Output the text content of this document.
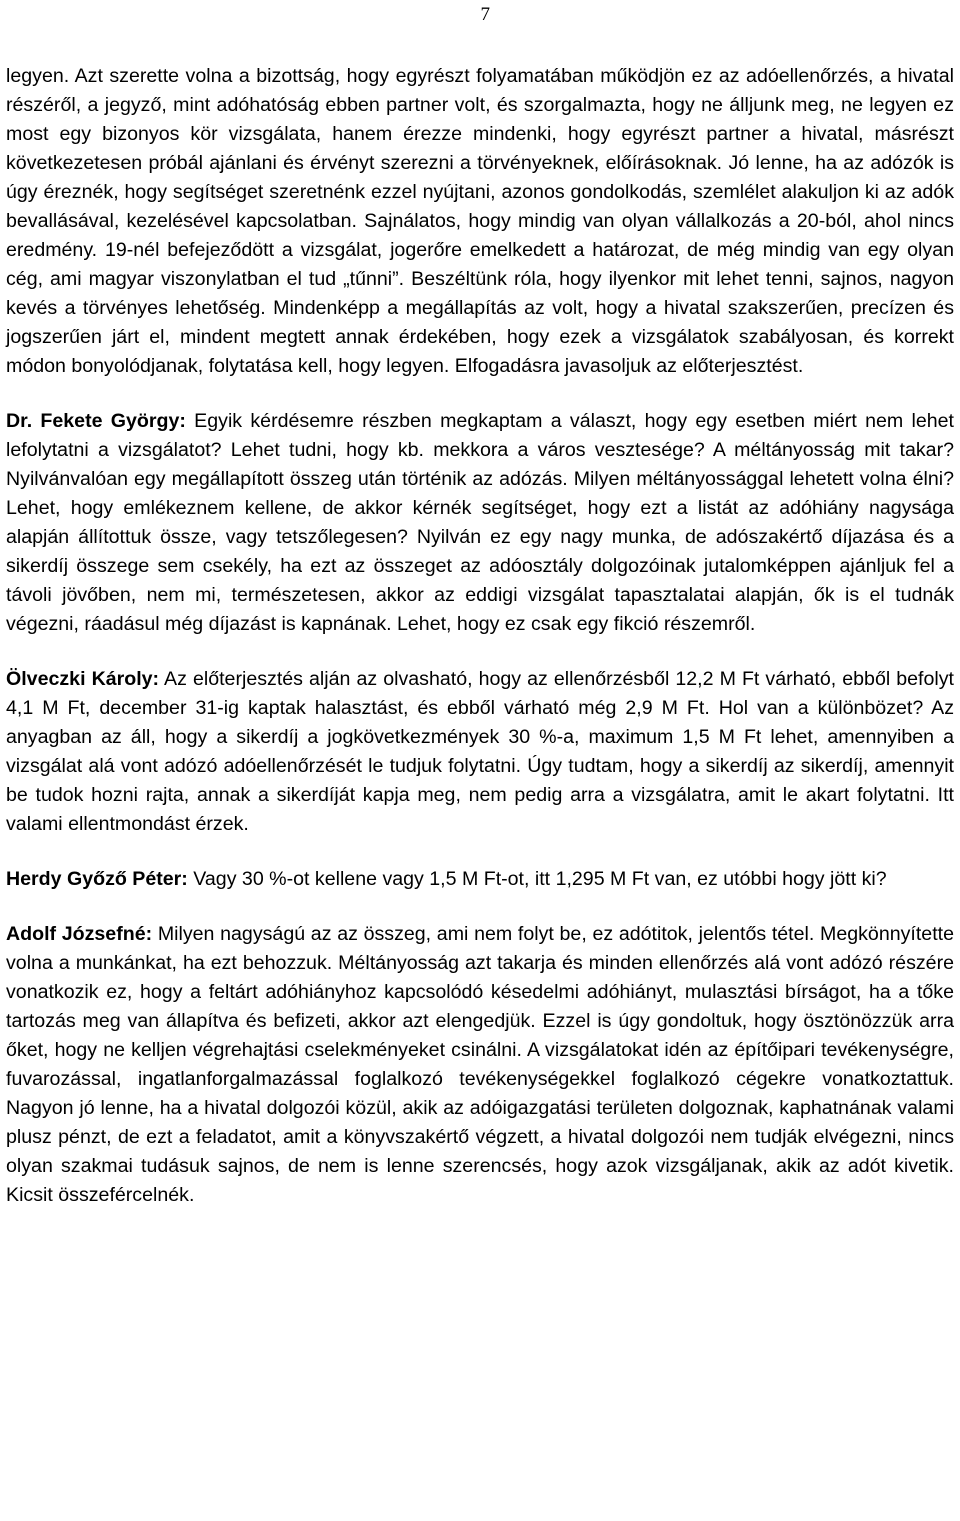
7

legyen. Azt szerette volna a bizottság, hogy egyrészt folyamatában működjön ez az adóellenőrzés, a hivatal részéről, a jegyző, mint adóhatóság ebben partner volt, és szorgalmazta, hogy ne álljunk meg, ne legyen ez most egy bizonyos kör vizsgálata, hanem érezze mindenki, hogy egyrészt partner a hivatal, másrészt következetesen próbál ajánlani és érvényt szerezni a törvényeknek, előírásoknak. Jó lenne, ha az adózók is úgy éreznék, hogy segítséget szeretnénk ezzel nyújtani, azonos gondolkodás, szemlélet alakuljon ki az adók bevallásával, kezelésével kapcsolatban. Sajnálatos, hogy mindig van olyan vállalkozás a 20-ból, ahol nincs eredmény. 19-nél befejeződött a vizsgálat, jogerőre emelkedett a határozat, de még mindig van egy olyan cég, ami magyar viszonylatban el tud „tűnni”. Beszéltünk róla, hogy ilyenkor mit lehet tenni, sajnos, nagyon kevés a törvényes lehetőség. Mindenképp a megállapítás az volt, hogy a hivatal szakszerűen, precízen és jogszerűen járt el, mindent megtett annak érdekében, hogy ezek a vizsgálatok szabályosan, és korrekt módon bonyolódjanak, folytatása kell, hogy legyen. Elfogadásra javasoljuk az előterjesztést.

Dr. Fekete György: Egyik kérdésemre részben megkaptam a választ, hogy egy esetben miért nem lehet lefolytatni a vizsgálatot? Lehet tudni, hogy kb. mekkora a város vesztesége? A méltányosság mit takar? Nyilvánvalóan egy megállapított összeg után történik az adózás. Milyen méltányossággal lehetett volna élni? Lehet, hogy emlékeznem kellene, de akkor kérnék segítséget, hogy ezt a listát az adóhiány nagysága alapján állítottuk össze, vagy tetszőlegesen? Nyilván ez egy nagy munka, de adószakértő díjazása és a sikerdíj összege sem csekély, ha ezt az összeget az adóosztály dolgozóinak jutalomképpen ajánljuk fel a távoli jövőben, nem mi, természetesen, akkor az eddigi vizsgálat tapasztalatai alapján, ők is el tudnák végezni, ráadásul még díjazást is kapnának. Lehet, hogy ez csak egy fikció részemről.

Ölveczki Károly: Az előterjesztés alján az olvasható, hogy az ellenőrzésből 12,2 M Ft várható, ebből befolyt 4,1 M Ft, december 31-ig kaptak halasztást, és ebből várható még 2,9 M Ft. Hol van a különbözet? Az anyagban az áll, hogy a sikerdíj a jogkövetkezmények 30 %-a, maximum 1,5 M Ft lehet, amennyiben a vizsgálat alá vont adózó adóellenőrzését le tudjuk folytatni. Úgy tudtam, hogy a sikerdíj az sikerdíj, amennyit be tudok hozni rajta, annak a sikerdíját kapja meg, nem pedig arra a vizsgálatra, amit le akart folytatni. Itt valami ellentmondást érzek.

Herdy Győző Péter: Vagy 30 %-ot kellene vagy 1,5 M Ft-ot, itt 1,295 M Ft van, ez utóbbi hogy jött ki?

Adolf Józsefné: Milyen nagyságú az az összeg, ami nem folyt be, ez adótitok, jelentős tétel. Megkönnyítette volna a munkánkat, ha ezt behozzuk. Méltányosság azt takarja és minden ellenőrzés alá vont adózó részére vonatkozik ez, hogy a feltárt adóhiányhoz kapcsolódó késedelmi adóhiányt, mulasztási bírságot, ha a tőke tartozás meg van állapítva és befizeti, akkor azt elengedjük. Ezzel is úgy gondoltuk, hogy ösztönözzük arra őket, hogy ne kelljen végrehajtási cselekményeket csinálni. A vizsgálatokat idén az építőipari tevékenységre, fuvarozással, ingatlanforgalmazással foglalkozó tevékenységekkel foglalkozó cégekre vonatkoztattuk. Nagyon jó lenne, ha a hivatal dolgozói közül, akik az adóigazgatási területen dolgoznak, kaphatnának valami plusz pénzt, de ezt a feladatot, amit a könyvszakértő végzett, a hivatal dolgozói nem tudják elvégezni, nincs olyan szakmai tudásuk sajnos, de nem is lenne szerencsés, hogy azok vizsgáljanak, akik az adót kivetik. Kicsit összefércelnék.
